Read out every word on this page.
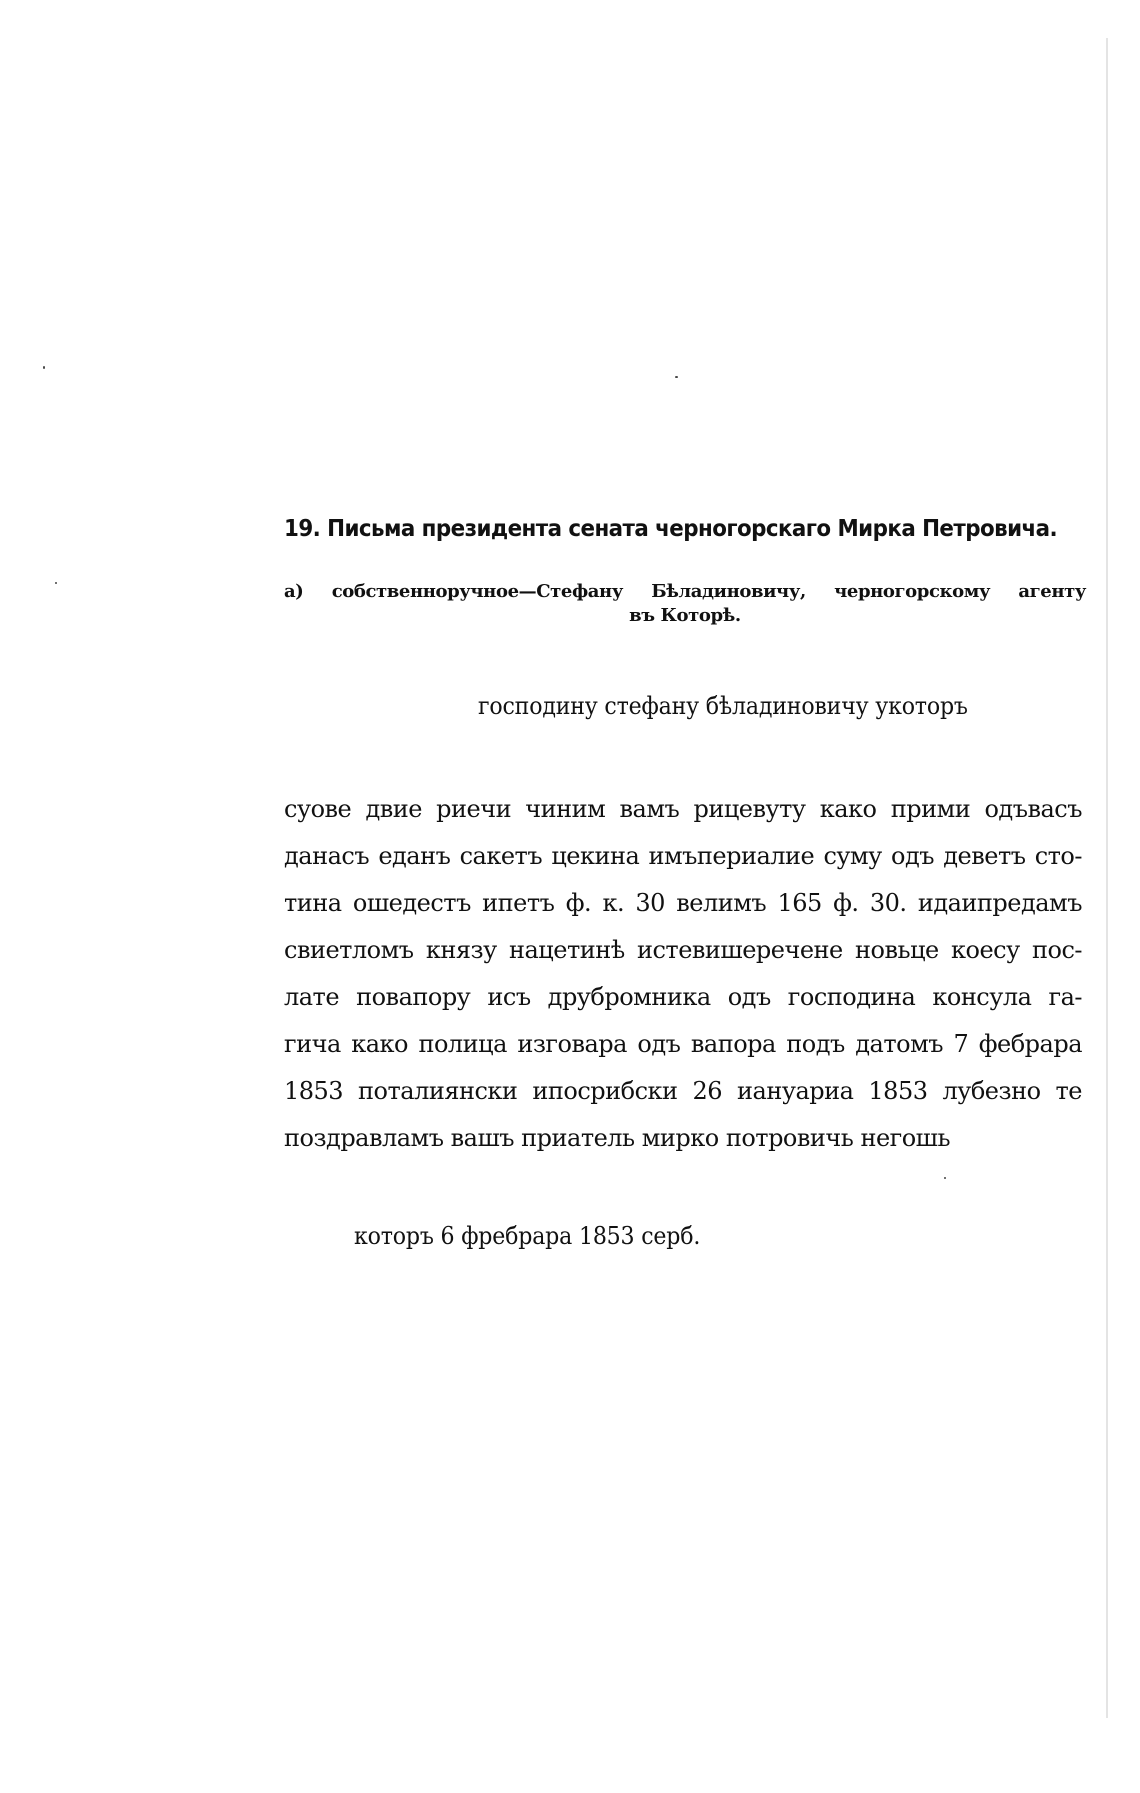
19. Письма президента сената черногорскаго Мирка Петровича.
a) собственноручное—Стефану Бѣладиновичу, черногорскому агенту
въ Которѣ.
господину стефану бѣладиновичу укоторъ
суове двие риечи чиним вамъ рицевуту како прими одъвасъ
данасъ еданъ сакетъ цекина имъпериалие суму одъ деветъ сто-
тина ошедестъ ипетъ ф. к. 30 велимъ 165 ф. 30. идаипредамъ
свиетломъ князу нацетинѣ истевишеречене новьце коесу пос-
лате повапору исъ друбромника одъ господина консула га-
гича како полица изговара одъ вапора подъ датомъ 7 фебрара
1853 поталиянски ипосрибски 26 иануариа 1853 лубезно те
поздравламъ вашъ приатель мирко потровичь негошь
которъ 6 фребрара 1853 серб.
